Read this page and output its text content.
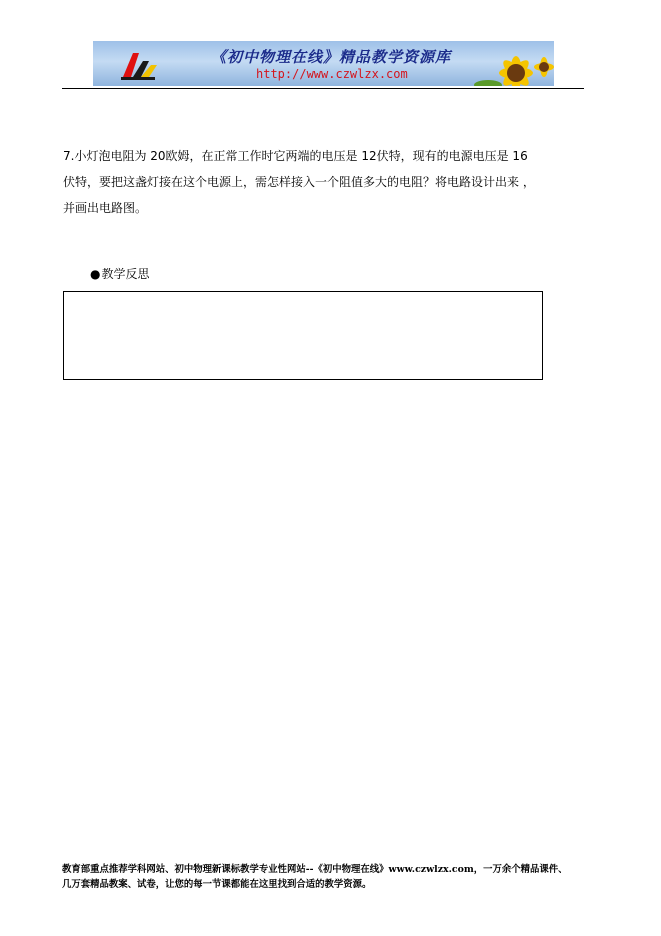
《初中物理在线》精品教学资源库
http://www.czwlzx.com
7.小灯泡电阻为 20欧姆，在正常工作时它两端的电压是 12伏特，现有的电源电压是 16
伏特，要把这盏灯接在这个电源上，需怎样接入一个阻值多大的电阻？将电路设计出来 ，
并画出电路图。
●教学反思
教育部重点推荐学科网站、初中物理新课标教学专业性网站--《初中物理在线》www.czwlzx.com，一万余个精品课件、
几万套精品教案、试卷，让您的每一节课都能在这里找到合适的教学资源。
